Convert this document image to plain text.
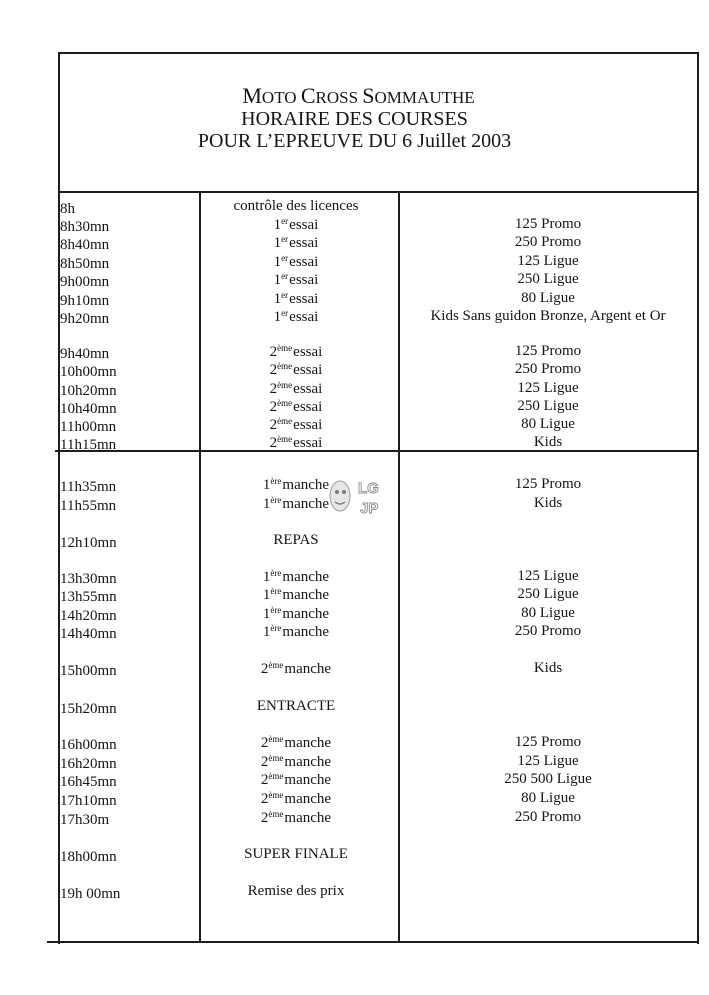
MOTO CROSS SOMMAUTHE
HORAIRE DES COURSES
POUR L’EPREUVE DU 6 Juillet 2003
8h	contrôle des licences
8h30mn	1eressai	125 Promo
8h40mn	1eressai	250 Promo
8h50mn	1eressai	125 Ligue
9h00mn	1eressai	250 Ligue
9h10mn	1eressai	80 Ligue
9h20mn	1eressai	Kids Sans guidon Bronze, Argent et Or
9h40mn	2èmeessai	125 Promo
10h00mn	2èmeessai	250 Promo
10h20mn	2èmeessai	125 Ligue
10h40mn	2èmeessai	250 Ligue
11h00mn	2èmeessai	80 Ligue
11h15mn	2èmeessai	Kids
11h35mn	1èremanche	125 Promo
11h55mn	1èremanche	Kids
12h10mn	REPAS
13h30mn	1èremanche	125 Ligue
13h55mn	1èremanche	250 Ligue
14h20mn	1èremanche	80 Ligue
14h40mn	1èremanche	250 Promo
15h00mn	2èmemanche	Kids
15h20mn	ENTRACTE
16h00mn	2èmemanche	125 Promo
16h20mn	2èmemanche	125 Ligue
16h45mn	2èmemanche	250 500 Ligue
17h10mn	2èmemanche	80 Ligue
17h30m	2èmemanche	250 Promo
18h00mn	SUPER FINALE
19h 00mn	Remise des prix
LG
JP
